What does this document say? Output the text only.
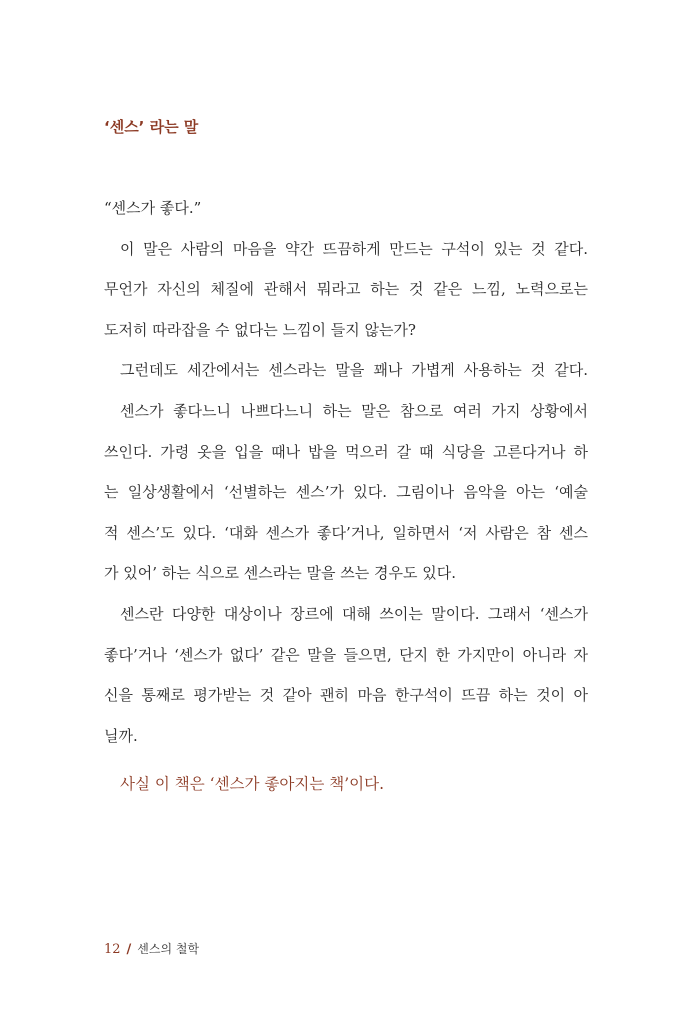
‘센스’ 라는 말
“센스가 좋다.”

이 말은 사람의 마음을 약간 뜨끔하게 만드는 구석이 있는 것 같다.
무언가 자신의 체질에 관해서 뭐라고 하는 것 같은 느낌, 노력으로는
도저히 따라잡을 수 없다는 느낌이 들지 않는가?

그런데도 세간에서는 센스라는 말을 꽤나 가볍게 사용하는 것 같다.

센스가 좋다느니 나쁘다느니 하는 말은 참으로 여러 가지 상황에서
쓰인다. 가령 옷을 입을 때나 밥을 먹으러 갈 때 식당을 고른다거나 하
는 일상생활에서 ‘선별하는 센스’가 있다. 그림이나 음악을 아는 ‘예술
적 센스’도 있다. ‘대화 센스가 좋다’거나, 일하면서 ‘저 사람은 참 센스
가 있어’ 하는 식으로 센스라는 말을 쓰는 경우도 있다.

센스란 다양한 대상이나 장르에 대해 쓰이는 말이다. 그래서 ‘센스가
좋다’거나 ‘센스가 없다’ 같은 말을 들으면, 단지 한 가지만이 아니라 자
신을 통째로 평가받는 것 같아 괜히 마음 한구석이 뜨끔 하는 것이 아
닐까.

사실 이 책은 ‘센스가 좋아지는 책’이다.
12 / 센스의 철학
